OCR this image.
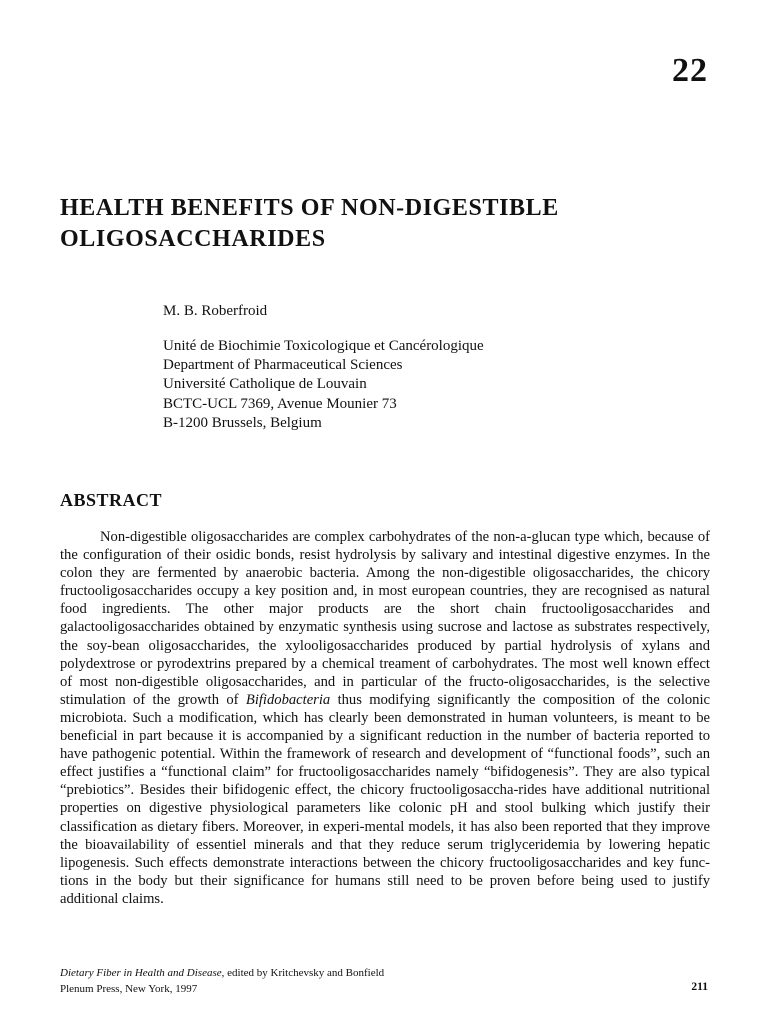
22
HEALTH BENEFITS OF NON-DIGESTIBLE
OLIGOSACCHARIDES
M. B. Roberfroid
Unité de Biochimie Toxicologique et Cancérologique
Department of Pharmaceutical Sciences
Université Catholique de Louvain
BCTC-UCL 7369, Avenue Mounier 73
B-1200 Brussels, Belgium
ABSTRACT

Non-digestible oligosaccharides are complex carbohydrates of the non-a-glucan type which, because of the configuration of their osidic bonds, resist hydrolysis by salivary and intestinal digestive enzymes. In the colon they are fermented by anaerobic bacteria. Among the non-digestible oligosaccharides, the chicory fructooligosaccharides occupy a key position and, in most european countries, they are recognised as natural food ingredients. The other major products are the short chain fructooligosaccharides and galactooligosaccharides obtained by enzymatic synthesis using sucrose and lactose as substrates respectively, the soy-bean oligosaccharides, the xylooligosaccharides produced by partial hydrolysis of xylans and polydextrose or pyrodextrins prepared by a chemical treament of carbohydrates. The most well known effect of most non-digestible oligosaccharides, and in particular of the fructo-oligosaccharides, is the selective stimulation of the growth of Bifidobacteria thus modifying significantly the composition of the colonic microbiota. Such a modification, which has clearly been demonstrated in human volunteers, is meant to be beneficial in part because it is accompanied by a significant reduction in the number of bacteria reported to have pathogenic potential. Within the framework of research and development of “functional foods”, such an effect justifies a “functional claim” for fructooligosaccharides namely “bifidogenesis”. They are also typical “prebiotics”. Besides their bifidogenic effect, the chicory fructooligosaccha-rides have additional nutritional properties on digestive physiological parameters like colonic pH and stool bulking which justify their classification as dietary fibers. Moreover, in experi-mental models, it has also been reported that they improve the bioavailability of essentiel minerals and that they reduce serum triglyceridemia by lowering hepatic lipogenesis. Such effects demonstrate interactions between the chicory fructooligosaccharides and key func-tions in the body but their significance for humans still need to be proven before being used to justify additional claims.

Dietary Fiber in Health and Disease, edited by Kritchevsky and Bonfield
Plenum Press, New York, 1997	211
